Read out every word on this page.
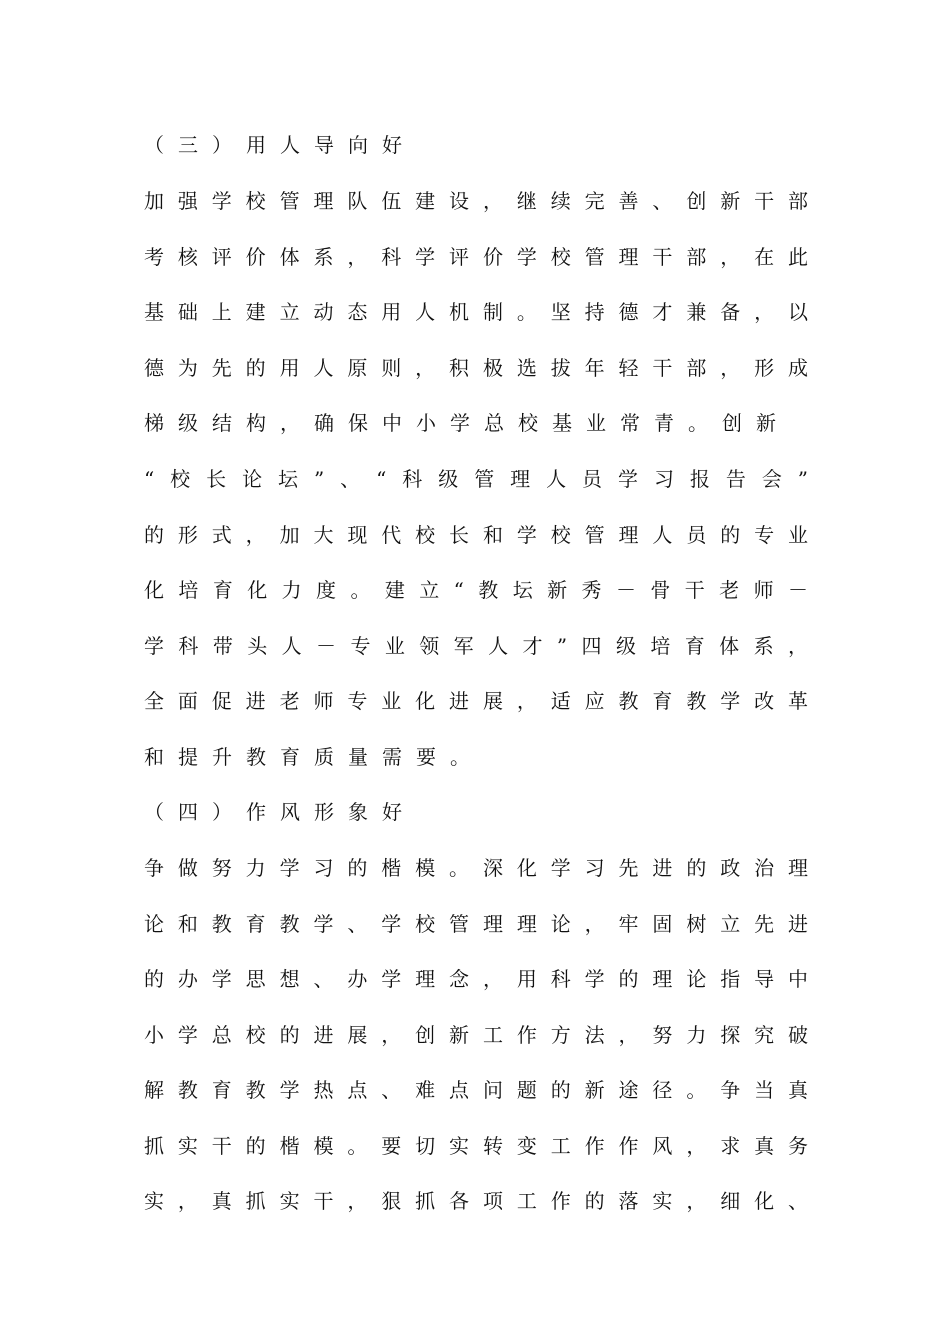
（三）用人导向好
加强学校管理队伍建设，继续完善、创新干部
考核评价体系，科学评价学校管理干部，在此
基础上建立动态用人机制。坚持德才兼备，以
德为先的用人原则，积极选拔年轻干部，形成
梯级结构，确保中小学总校基业常青。创新
“校长论坛”、“科级管理人员学习报告会”
的形式，加大现代校长和学校管理人员的专业
化培育化力度。建立“教坛新秀－骨干老师－
学科带头人－专业领军人才”四级培育体系，
全面促进老师专业化进展，适应教育教学改革
和提升教育质量需要。
（四）作风形象好
争做努力学习的楷模。深化学习先进的政治理
论和教育教学、学校管理理论，牢固树立先进
的办学思想、办学理念，用科学的理论指导中
小学总校的进展，创新工作方法，努力探究破
解教育教学热点、难点问题的新途径。争当真
抓实干的楷模。要切实转变工作作风，求真务
实，真抓实干，狠抓各项工作的落实，细化、
